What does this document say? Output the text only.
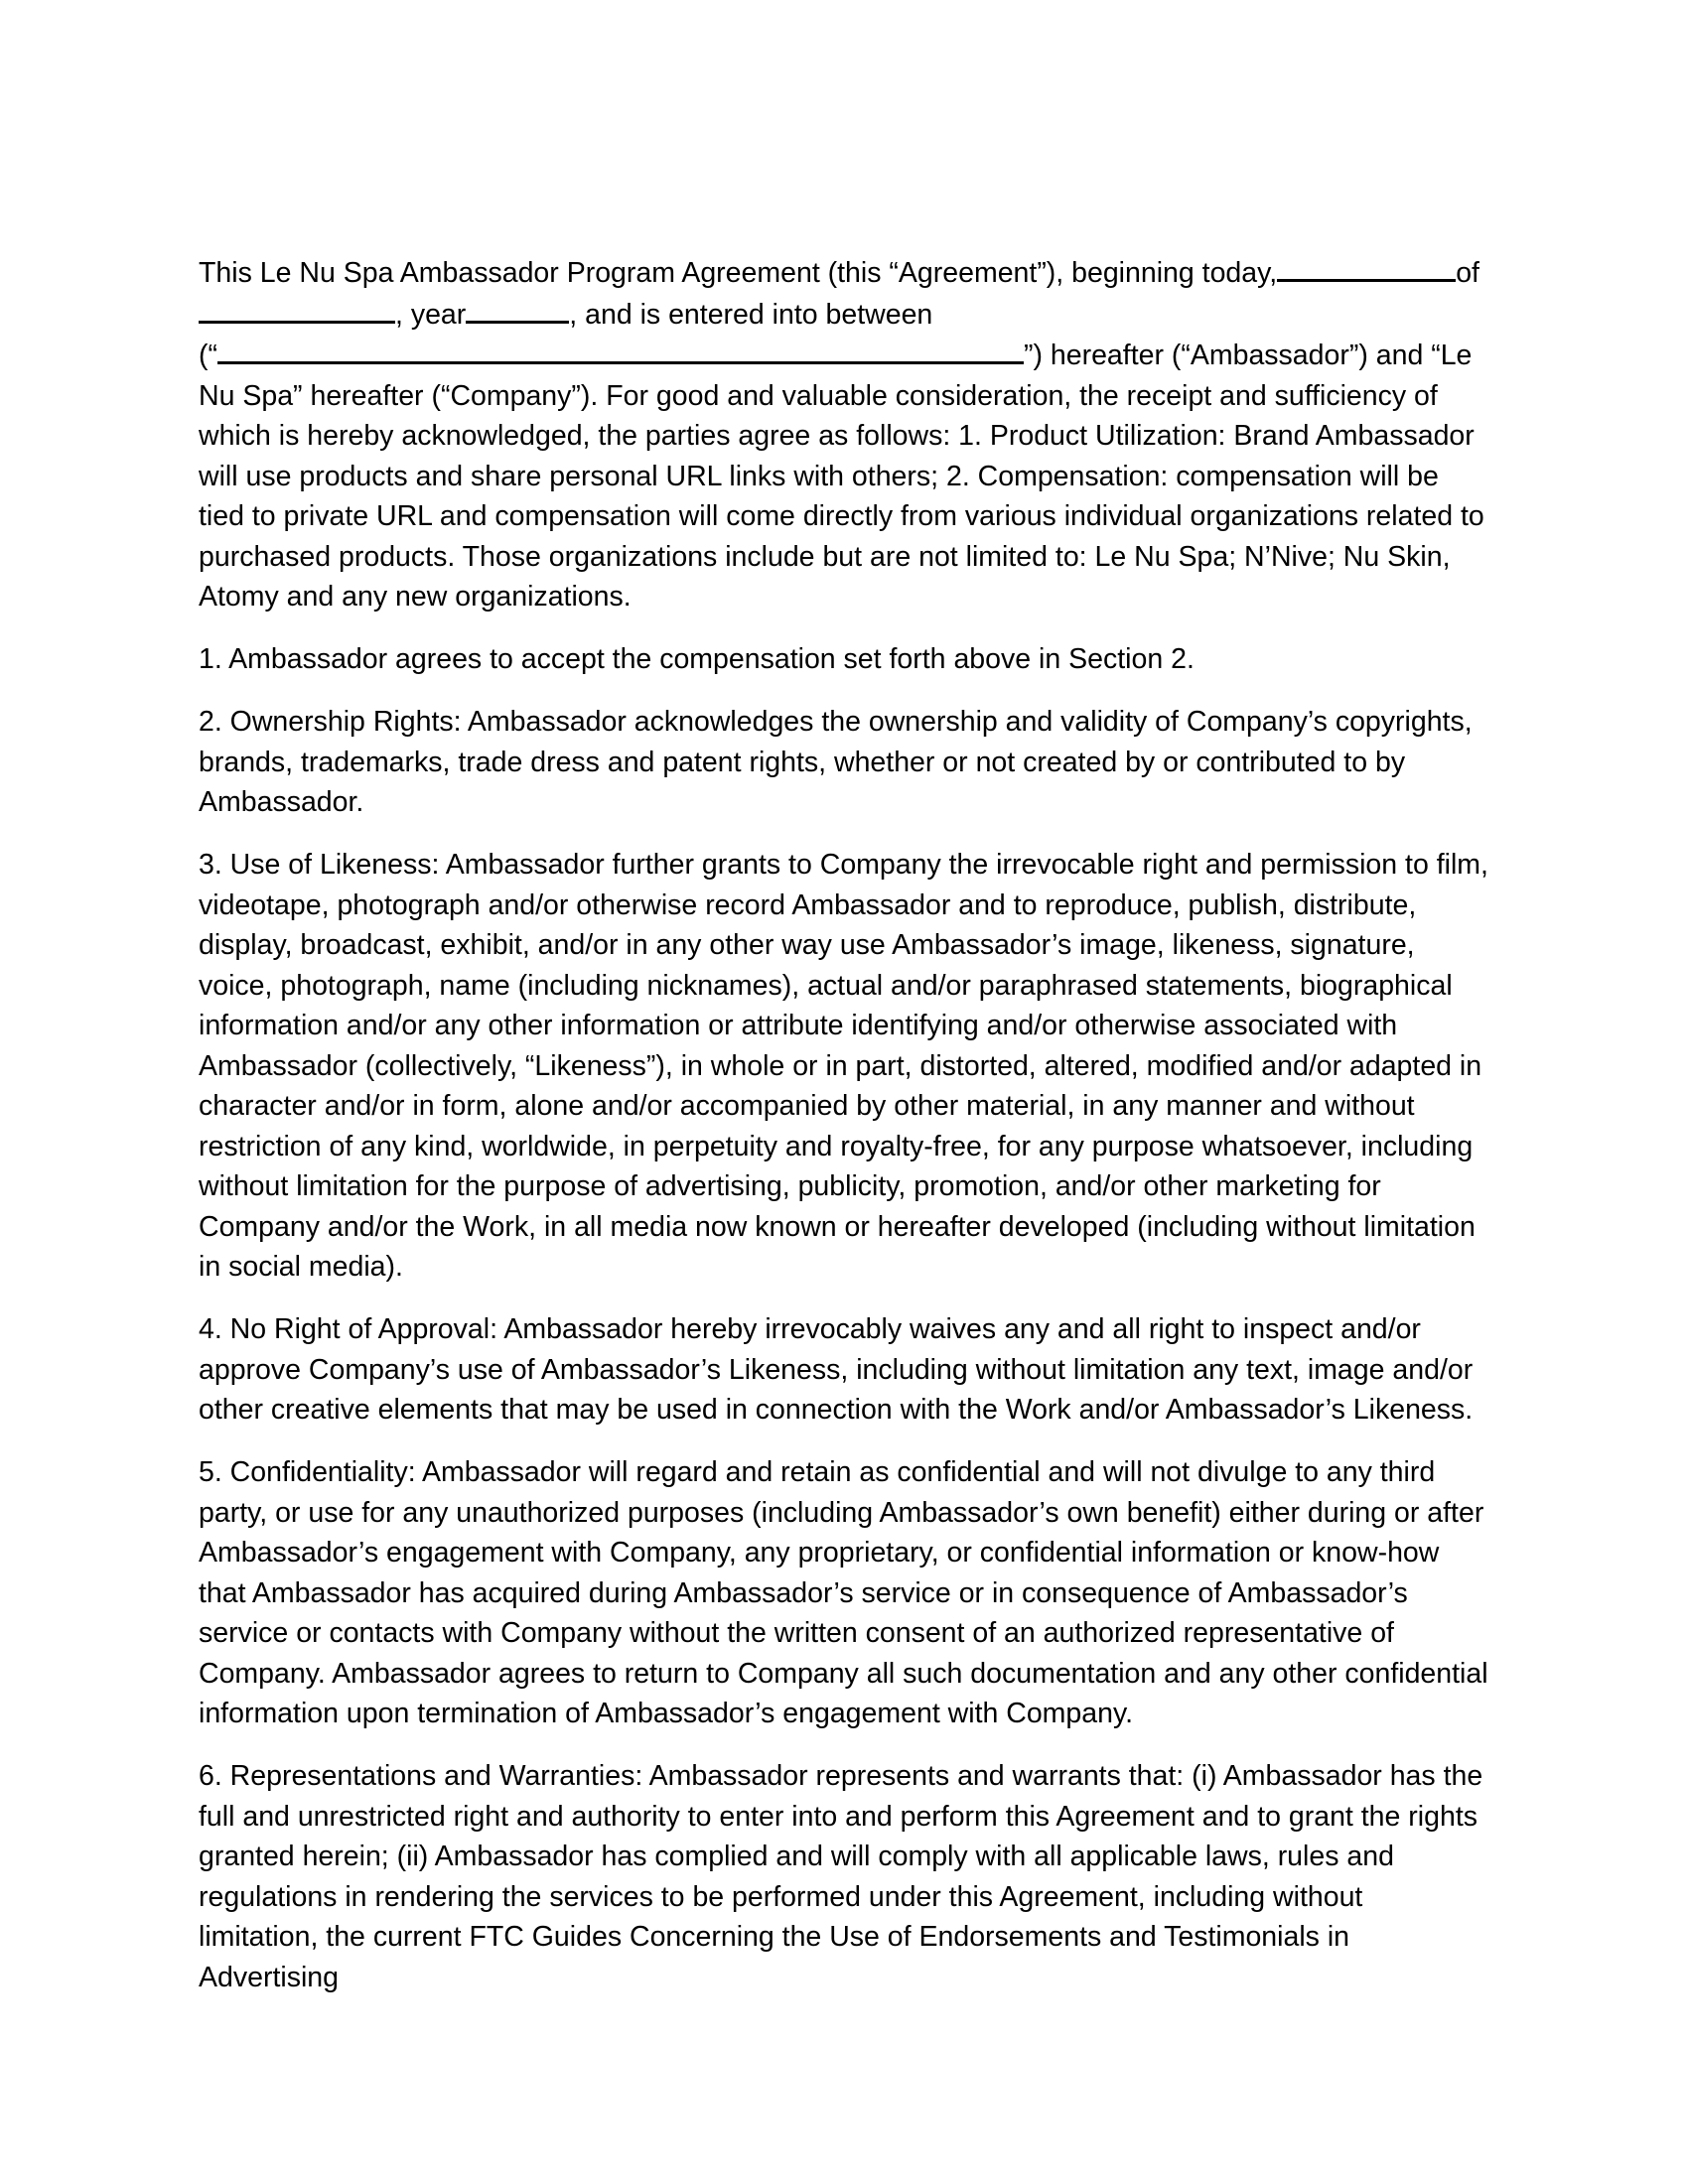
This Le Nu Spa Ambassador Program Agreement (this “Agreement”), beginning today,	of
, year	, and is entered into between
(“	”) hereafter (“Ambassador”) and “Le Nu Spa” hereafter (“Company”). For good and valuable consideration, the receipt and sufficiency of which is hereby acknowledged, the parties agree as follows: 1. Product Utilization: Brand Ambassador will use products and share personal URL links with others; 2. Compensation: compensation will be tied to private URL and compensation will come directly from various individual organizations related to purchased products. Those organizations include but are not limited to: Le Nu Spa; N’Nive; Nu Skin, Atomy and any new organizations.

1. Ambassador agrees to accept the compensation set forth above in Section 2.

2. Ownership Rights: Ambassador acknowledges the ownership and validity of Company’s copyrights, brands, trademarks, trade dress and patent rights, whether or not created by or contributed to by Ambassador.

3. Use of Likeness: Ambassador further grants to Company the irrevocable right and permission to film, videotape, photograph and/or otherwise record Ambassador and to reproduce, publish, distribute, display, broadcast, exhibit, and/or in any other way use Ambassador’s image, likeness, signature, voice, photograph, name (including nicknames), actual and/or paraphrased statements, biographical information and/or any other information or attribute identifying and/or otherwise associated with Ambassador (collectively, “Likeness”), in whole or in part, distorted, altered, modified and/or adapted in character and/or in form, alone and/or accompanied by other material, in any manner and without restriction of any kind, worldwide, in perpetuity and royalty-free, for any purpose whatsoever, including without limitation for the purpose of advertising, publicity, promotion, and/or other marketing for Company and/or the Work, in all media now known or hereafter developed (including without limitation in social media).

4. No Right of Approval: Ambassador hereby irrevocably waives any and all right to inspect and/or approve Company’s use of Ambassador’s Likeness, including without limitation any text, image and/or other creative elements that may be used in connection with the Work and/or Ambassador’s Likeness.

5. Confidentiality: Ambassador will regard and retain as confidential and will not divulge to any third party, or use for any unauthorized purposes (including Ambassador’s own benefit) either during or after Ambassador’s engagement with Company, any proprietary, or confidential information or know-how that Ambassador has acquired during Ambassador’s service or in consequence of Ambassador’s service or contacts with Company without the written consent of an authorized representative of Company. Ambassador agrees to return to Company all such documentation and any other confidential information upon termination of Ambassador’s engagement with Company.

6. Representations and Warranties: Ambassador represents and warrants that: (i) Ambassador has the full and unrestricted right and authority to enter into and perform this Agreement and to grant the rights granted herein; (ii) Ambassador has complied and will comply with all applicable laws, rules and regulations in rendering the services to be performed under this Agreement, including without limitation, the current FTC Guides Concerning the Use of Endorsements and Testimonials in Advertising
